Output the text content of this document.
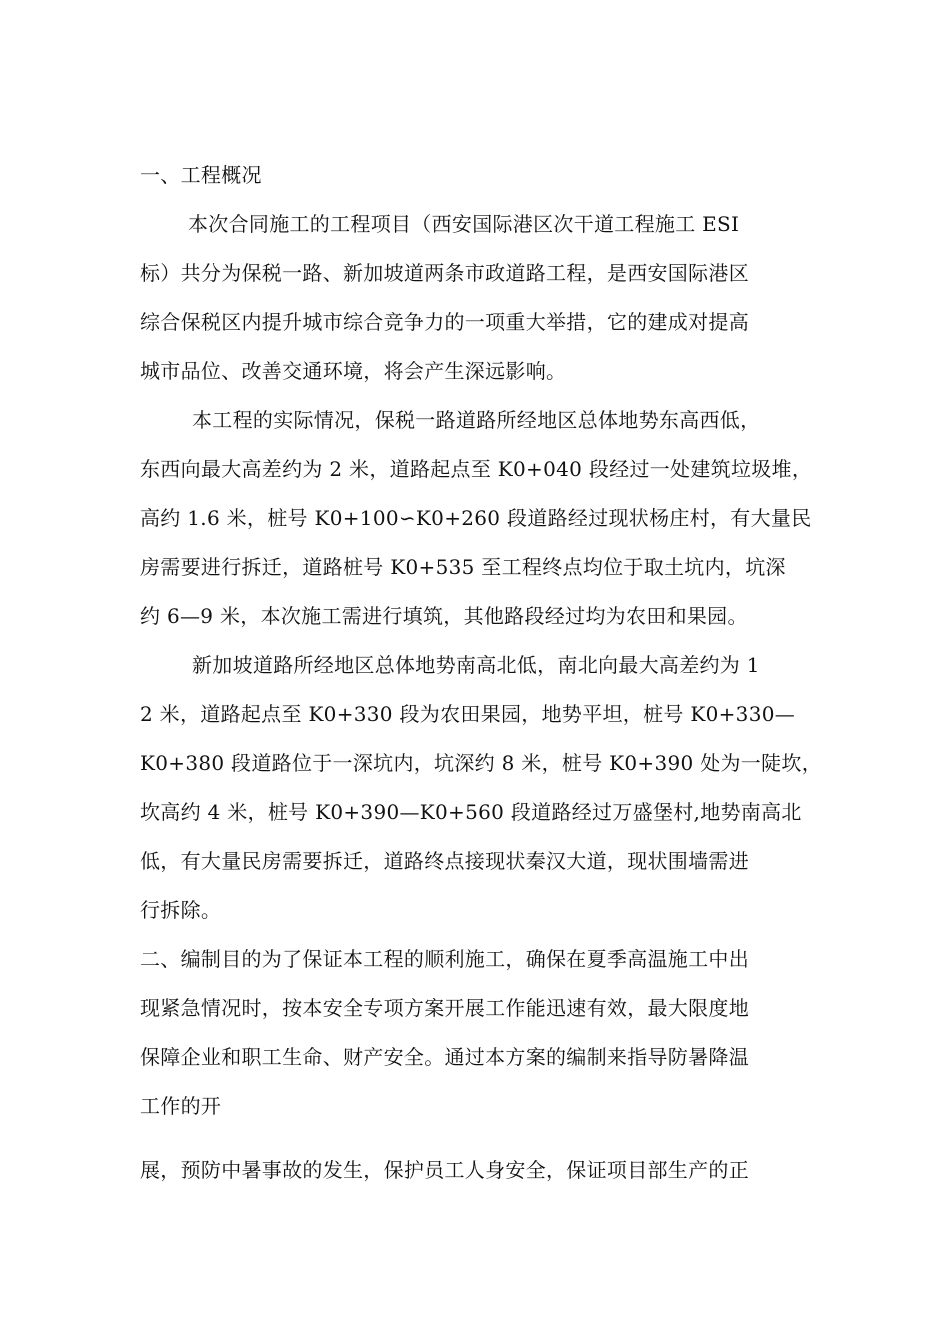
一、工程概况
本次合同施工的工程项目（西安国际港区次干道工程施工 ESI
标）共分为保税一路、新加坡道两条市政道路工程，是西安国际港区
综合保税区内提升城市综合竞争力的一项重大举措，它的建成对提高
城市品位、改善交通环境，将会产生深远影响。
本工程的实际情况，保税一路道路所经地区总体地势东高西低，
东西向最大高差约为 2 米，道路起点至 K0+040 段经过一处建筑垃圾堆，
高约 1.6 米，桩号 K0+100∽K0+260 段道路经过现状杨庄村，有大量民
房需要进行拆迁，道路桩号 K0+535 至工程终点均位于取土坑内，坑深
约 6—9 米，本次施工需进行填筑，其他路段经过均为农田和果园。
新加坡道路所经地区总体地势南高北低，南北向最大高差约为 1
2 米，道路起点至 K0+330 段为农田果园，地势平坦，桩号 K0+330—
K0+380 段道路位于一深坑内，坑深约 8 米，桩号 K0+390 处为一陡坎，
坎高约 4 米，桩号 K0+390—K0+560 段道路经过万盛堡村,地势南高北
低，有大量民房需要拆迁，道路终点接现状秦汉大道，现状围墙需进
行拆除。
二、编制目的为了保证本工程的顺利施工，确保在夏季高温施工中出
现紧急情况时，按本安全专项方案开展工作能迅速有效，最大限度地
保障企业和职工生命、财产安全。通过本方案的编制来指导防暑降温
工作的开
展，预防中暑事故的发生，保护员工人身安全，保证项目部生产的正
